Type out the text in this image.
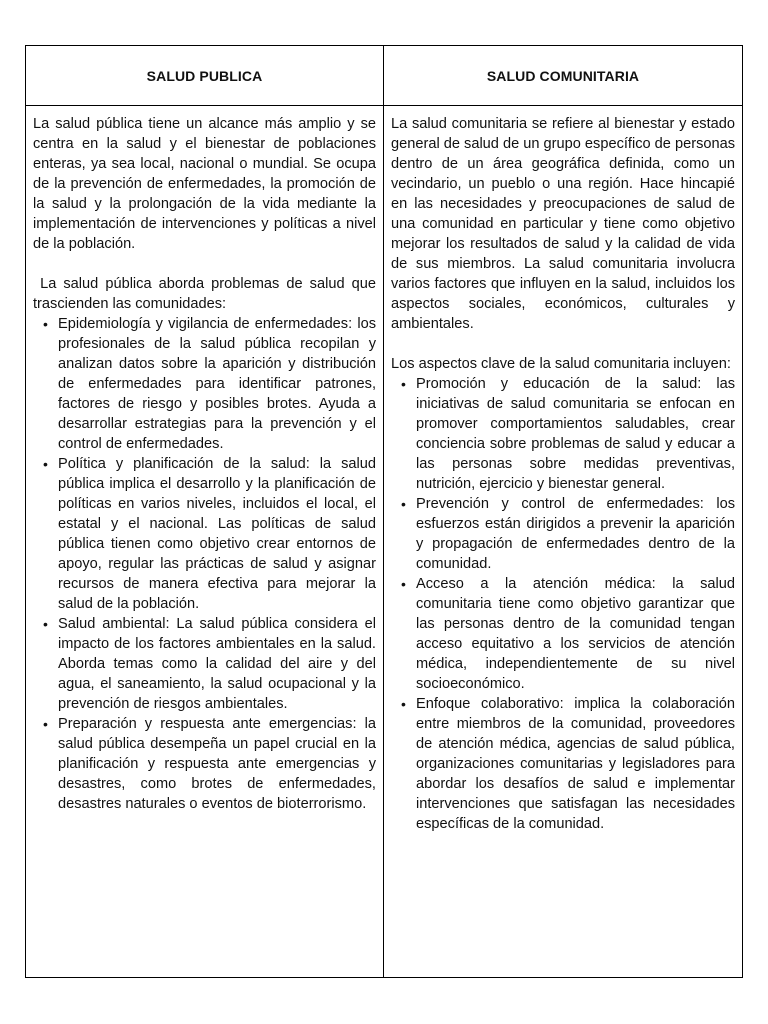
SALUD PUBLICA	SALUD COMUNITARIA

La salud pública tiene un alcance más amplio y se centra en la salud y el bienestar de poblaciones enteras, ya sea local, nacional o mundial. Se ocupa de la prevención de enfermedades, la promoción de la salud y la prolongación de la vida mediante la implementación de intervenciones y políticas a nivel de la población.

La salud pública aborda problemas de salud que trascienden las comunidades:

• Epidemiología y vigilancia de enfermedades: los profesionales de la salud pública recopilan y analizan datos sobre la aparición y distribución de enfermedades para identificar patrones, factores de riesgo y posibles brotes. Ayuda a desarrollar estrategias para la prevención y el control de enfermedades.
• Política y planificación de la salud: la salud pública implica el desarrollo y la planificación de políticas en varios niveles, incluidos el local, el estatal y el nacional. Las políticas de salud pública tienen como objetivo crear entornos de apoyo, regular las prácticas de salud y asignar recursos de manera efectiva para mejorar la salud de la población.
• Salud ambiental: La salud pública considera el impacto de los factores ambientales en la salud. Aborda temas como la calidad del aire y del agua, el saneamiento, la salud ocupacional y la prevención de riesgos ambientales.
• Preparación y respuesta ante emergencias: la salud pública desempeña un papel crucial en la planificación y respuesta ante emergencias y desastres, como brotes de enfermedades, desastres naturales o eventos de bioterrorismo.

La salud comunitaria se refiere al bienestar y estado general de salud de un grupo específico de personas dentro de un área geográfica definida, como un vecindario, un pueblo o una región. Hace hincapié en las necesidades y preocupaciones de salud de una comunidad en particular y tiene como objetivo mejorar los resultados de salud y la calidad de vida de sus miembros. La salud comunitaria involucra varios factores que influyen en la salud, incluidos los aspectos sociales, económicos, culturales y ambientales.

Los aspectos clave de la salud comunitaria incluyen:

• Promoción y educación de la salud: las iniciativas de salud comunitaria se enfocan en promover comportamientos saludables, crear conciencia sobre problemas de salud y educar a las personas sobre medidas preventivas, nutrición, ejercicio y bienestar general.
• Prevención y control de enfermedades: los esfuerzos están dirigidos a prevenir la aparición y propagación de enfermedades dentro de la comunidad.
• Acceso a la atención médica: la salud comunitaria tiene como objetivo garantizar que las personas dentro de la comunidad tengan acceso equitativo a los servicios de atención médica, independientemente de su nivel socioeconómico.
• Enfoque colaborativo: implica la colaboración entre miembros de la comunidad, proveedores de atención médica, agencias de salud pública, organizaciones comunitarias y legisladores para abordar los desafíos de salud e implementar intervenciones que satisfagan las necesidades específicas de la comunidad.
